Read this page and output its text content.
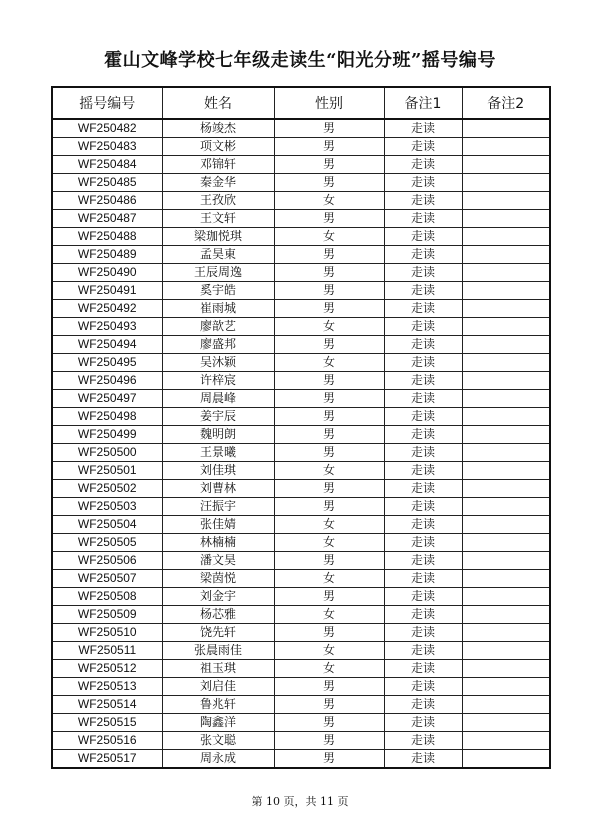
霍山文峰学校七年级走读生“阳光分班”摇号编号
摇号编号	姓名	性别	备注1	备注2
WF250482	杨竣杰	男	走读	
WF250483	项文彬	男	走读	
WF250484	邓锦轩	男	走读	
WF250485	秦金华	男	走读	
WF250486	王孜欣	女	走读	
WF250487	王文轩	男	走读	
WF250488	梁珈悦琪	女	走读	
WF250489	孟昊東	男	走读	
WF250490	王辰周逸	男	走读	
WF250491	奚宇皓	男	走读	
WF250492	崔雨城	男	走读	
WF250493	廖歆艺	女	走读	
WF250494	廖盛邦	男	走读	
WF250495	吴沐颖	女	走读	
WF250496	许梓宸	男	走读	
WF250497	周晨峰	男	走读	
WF250498	姜宇辰	男	走读	
WF250499	魏明朗	男	走读	
WF250500	王景曦	男	走读	
WF250501	刘佳琪	女	走读	
WF250502	刘曹林	男	走读	
WF250503	汪振宇	男	走读	
WF250504	张佳婧	女	走读	
WF250505	林楠楠	女	走读	
WF250506	潘文昊	男	走读	
WF250507	梁茵悦	女	走读	
WF250508	刘金宇	男	走读	
WF250509	杨芯雅	女	走读	
WF250510	饶先轩	男	走读	
WF250511	张晨雨佳	女	走读	
WF250512	祖玉琪	女	走读	
WF250513	刘启佳	男	走读	
WF250514	鲁兆轩	男	走读	
WF250515	陶鑫洋	男	走读	
WF250516	张文聪	男	走读	
WF250517	周永成	男	走读	
第 10 页，共 11 页
